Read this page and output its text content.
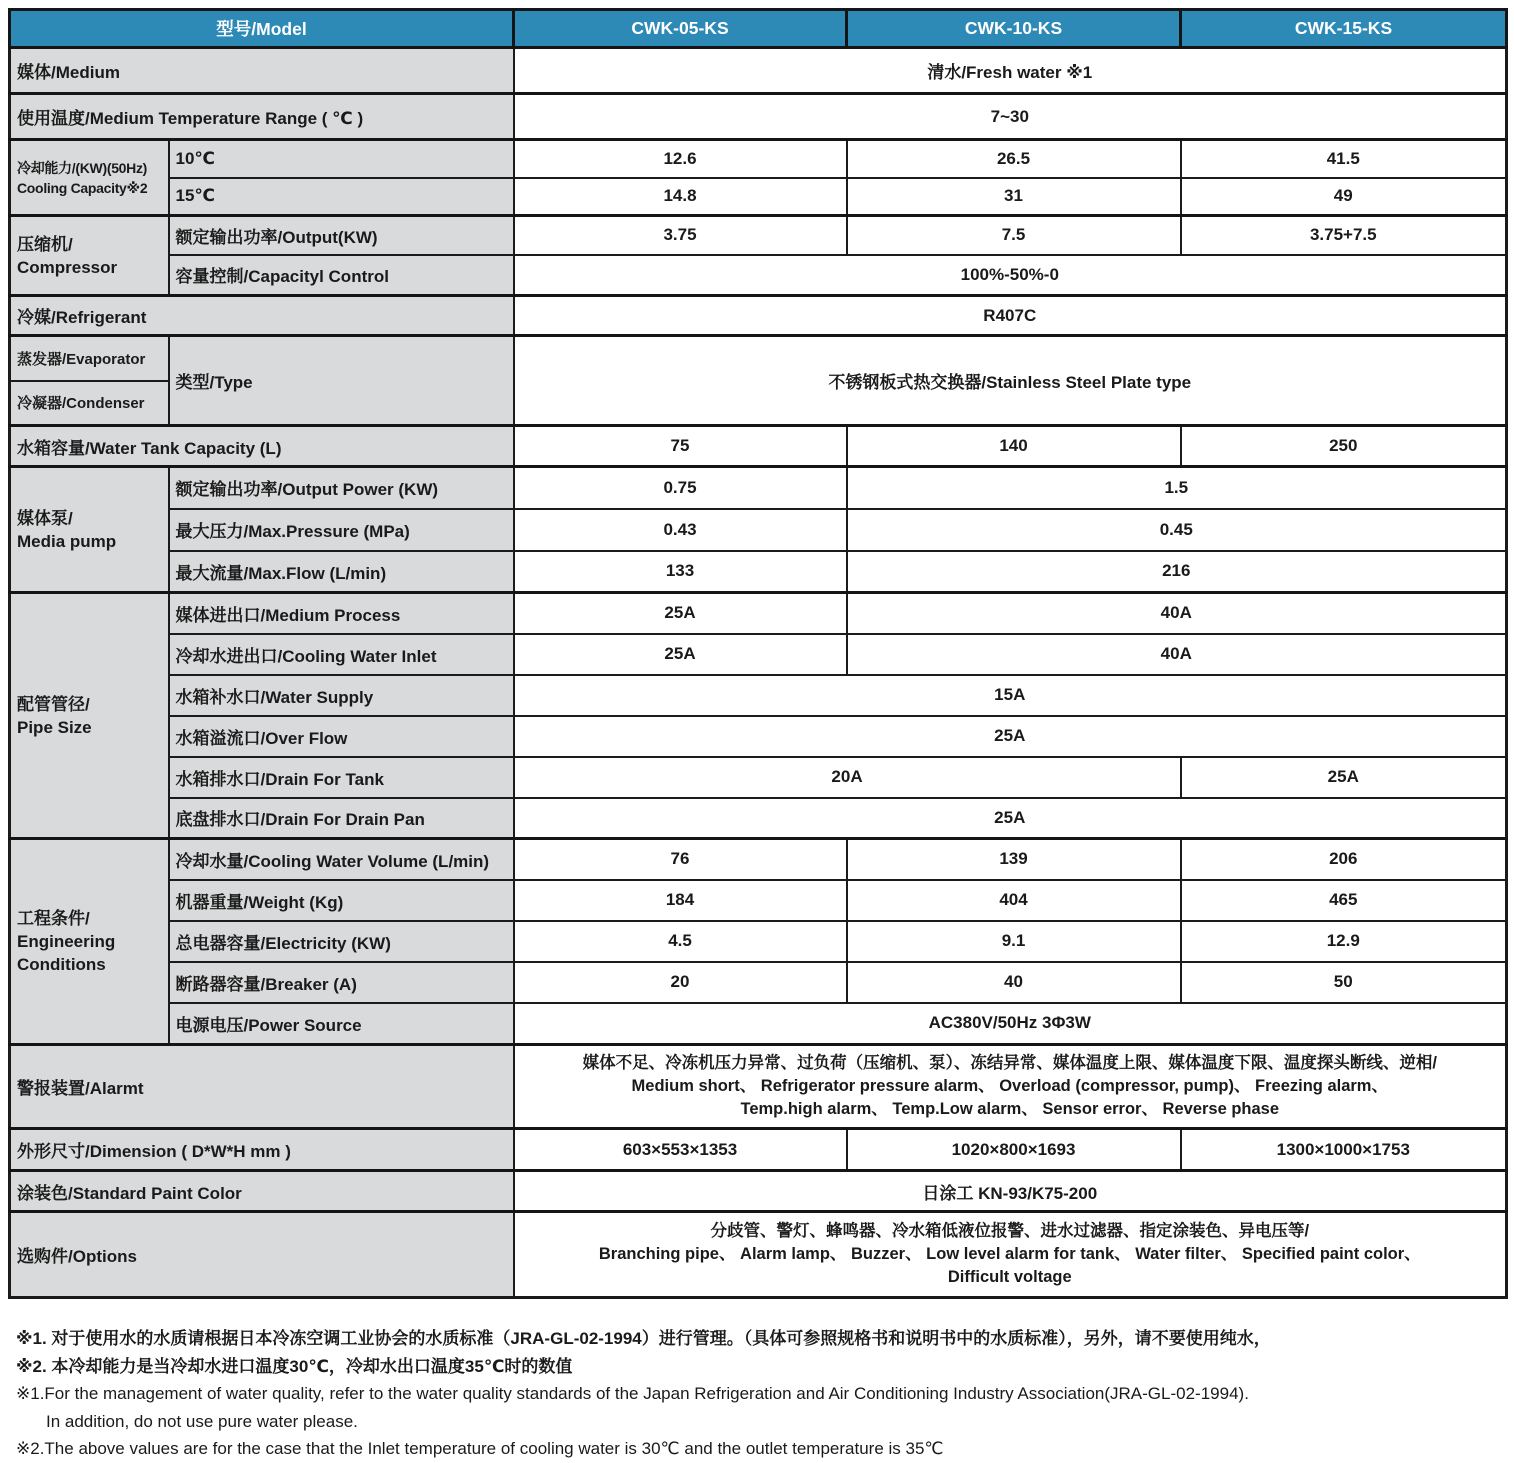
型号/Model		CWK-05-KS	CWK-10-KS	CWK-15-KS
媒体/Medium		清水/Fresh water ※1		
使用温度/Medium Temperature Range ( ℃ )		7~30		

冷却能力/(KW)(50Hz)
Cooling Capacity※2	10℃	12.6	26.5	41.5
	15℃	14.8	31	49

压缩机/
Compressor	额定输出功率/Output(KW)	3.75	7.5	3.75+7.5
	容量控制/Capacityl Control	100%-50%-0		
冷媒/Refrigerant		R407C		
蒸发器/Evaporator	类型/Type	不锈钢板式热交换器/Stainless Steel Plate type		
冷凝器/Condenser				
水箱容量/Water Tank Capacity (L)		75	140	250

媒体泵/
Media pump	额定输出功率/Output Power (KW)	0.75	1.5	
	最大压力/Max.Pressure (MPa)	0.43	0.45	
	最大流量/Max.Flow (L/min)	133	216	

配管管径/
Pipe Size	媒体进出口/Medium Process	25A	40A	
	冷却水进出口/Cooling Water Inlet	25A	40A	
	水箱补水口/Water Supply	15A		
	水箱溢流口/Over Flow	25A		
	水箱排水口/Drain For Tank	20A		25A
	底盘排水口/Drain For Drain Pan	25A		

工程条件/
Engineering
Conditions	冷却水量/Cooling Water Volume (L/min)	76	139	206
	机器重量/Weight (Kg)	184	404	465
	总电器容量/Electricity (KW)	4.5	9.1	12.9
	断路器容量/Breaker (A)	20	40	50
	电源电压/Power Source	AC380V/50Hz 3Φ3W		
警报装置/Alarmt		媒体不足、冷冻机压力异常、过负荷（压缩机、泵）、冻结异常、媒体温度上限、媒体温度下限、温度探头断线、逆相/
Medium short、 Refrigerator pressure alarm、 Overload (compressor, pump)、 Freezing alarm、
Temp.high alarm、 Temp.Low alarm、 Sensor error、 Reverse phase		

外形尺寸/Dimension ( D*W*H mm )		603×553×1353	1020×800×1693	1300×1000×1753
涂装色/Standard Paint Color		日涂工 KN-93/K75-200		
选购件/Options		分歧管、警灯、蜂鸣器、冷水箱低液位报警、进水过滤器、指定涂装色、异电压等/
Branching pipe、 Alarm lamp、 Buzzer、 Low level alarm for tank、 Water filter、 Specified paint color、
Difficult voltage		
※1. 对于使用水的水质请根据日本冷冻空调工业协会的水质标准（JRA-GL-02-1994）进行管理。（具体可参照规格书和说明书中的水质标准），另外，请不要使用纯水，
※2. 本冷却能力是当冷却水进口温度30℃，冷却水出口温度35℃时的数值
※1.For the management of water quality, refer to the water quality standards of the Japan Refrigeration and Air Conditioning Industry Association(JRA-GL-02-1994).
In addition, do not use pure water please.
※2.The above values are for the case that the Inlet temperature of cooling water is 30℃ and the outlet temperature is 35℃
